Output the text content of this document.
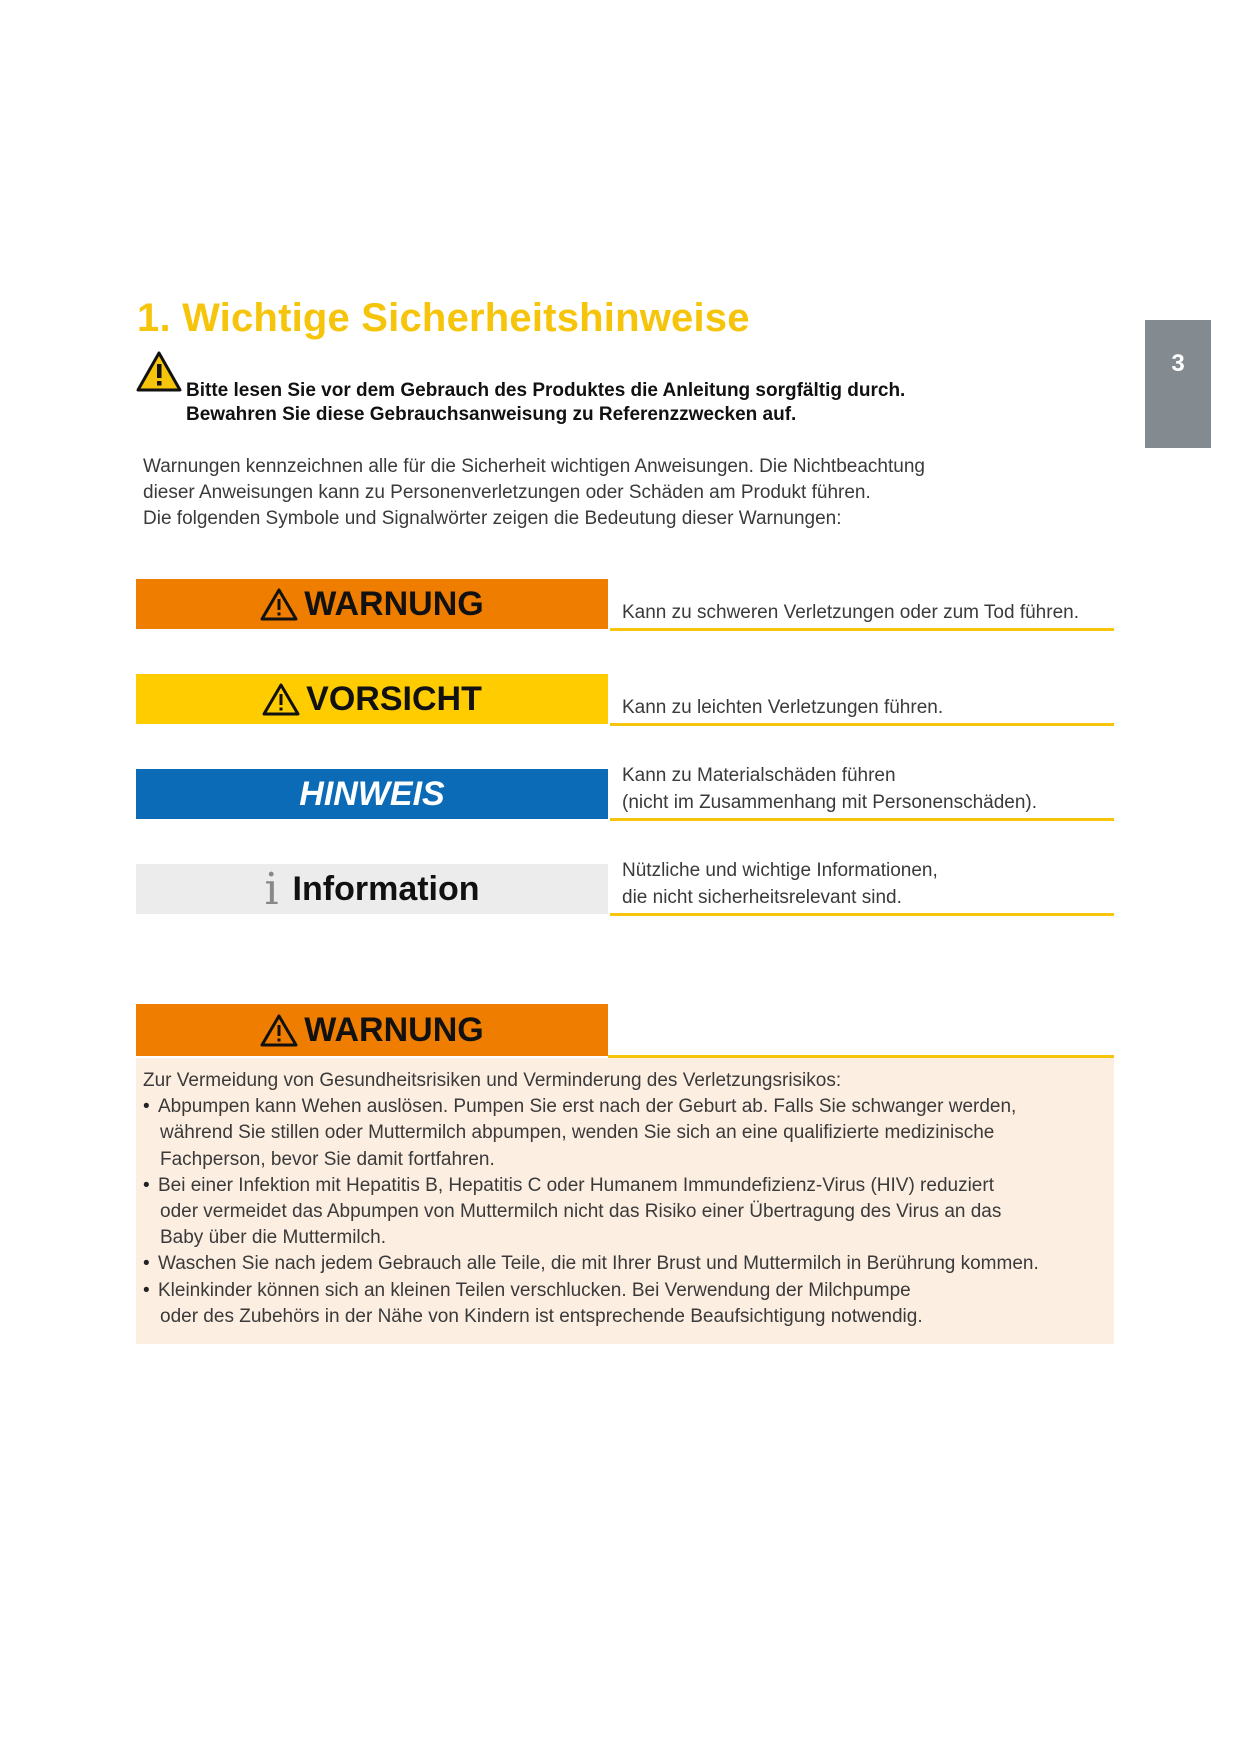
3
1. Wichtige Sicherheitshinweise
Bitte lesen Sie vor dem Gebrauch des Produktes die Anleitung sorgfältig durch.
Bewahren Sie diese Gebrauchsanweisung zu Referenzzwecken auf.
Warnungen kennzeichnen alle für die Sicherheit wichtigen Anweisungen. Die Nichtbeachtung
dieser Anweisungen kann zu Personenverletzungen oder Schäden am Produkt führen.
Die folgenden Symbole und Signalwörter zeigen die Bedeutung dieser Warnungen:
WARNUNG	Kann zu schweren Verletzungen oder zum Tod führen.
VORSICHT	Kann zu leichten Verletzungen führen.
HINWEIS	Kann zu Materialschäden führen
(nicht im Zusammenhang mit Personenschäden).
i Information	Nützliche und wichtige Informationen,
die nicht sicherheitsrelevant sind.
WARNUNG
Zur Vermeidung von Gesundheitsrisiken und Verminderung des Verletzungsrisikos:
• Abpumpen kann Wehen auslösen. Pumpen Sie erst nach der Geburt ab. Falls Sie schwanger werden,
während Sie stillen oder Muttermilch abpumpen, wenden Sie sich an eine qualifizierte medizinische
Fachperson, bevor Sie damit fortfahren.
• Bei einer Infektion mit Hepatitis B, Hepatitis C oder Humanem Immundefizienz-Virus (HIV) reduziert
oder vermeidet das Abpumpen von Muttermilch nicht das Risiko einer Übertragung des Virus an das
Baby über die Muttermilch.
• Waschen Sie nach jedem Gebrauch alle Teile, die mit Ihrer Brust und Muttermilch in Berührung kommen.
• Kleinkinder können sich an kleinen Teilen verschlucken. Bei Verwendung der Milchpumpe
oder des Zubehörs in der Nähe von Kindern ist entsprechende Beaufsichtigung notwendig.
